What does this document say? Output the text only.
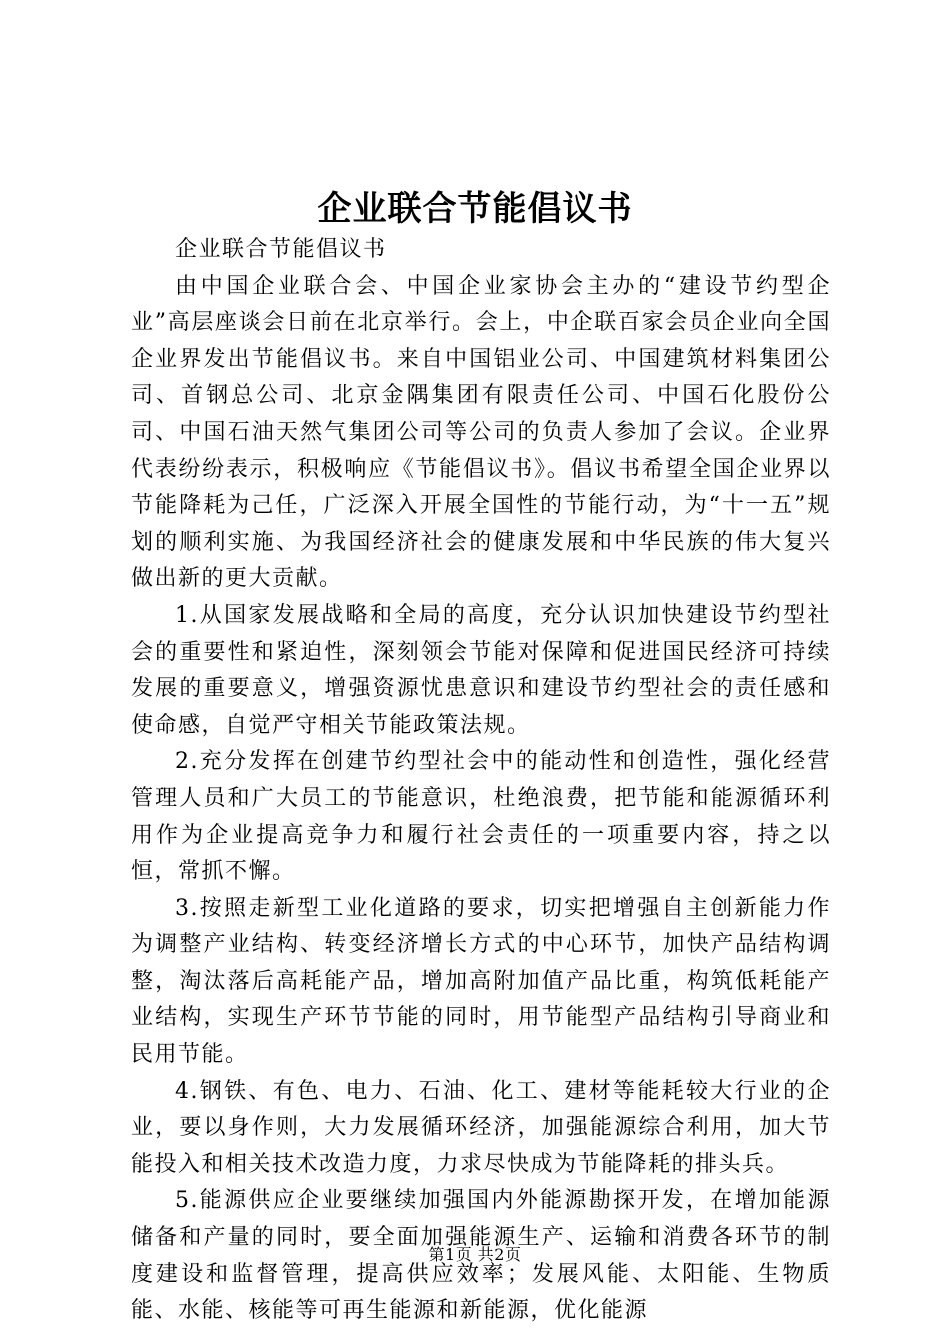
企业联合节能倡议书

企业联合节能倡议书

由中国企业联合会、中国企业家协会主办的“建设节约型企业”高层座谈会日前在北京举行。会上，中企联百家会员企业向全国企业界发出节能倡议书。来自中国铝业公司、中国建筑材料集团公司、首钢总公司、北京金隅集团有限责任公司、中国石化股份公司、中国石油天然气集团公司等公司的负责人参加了会议。企业界代表纷纷表示，积极响应《节能倡议书》。倡议书希望全国企业界以节能降耗为己任，广泛深入开展全国性的节能行动，为“十一五”规划的顺利实施、为我国经济社会的健康发展和中华民族的伟大复兴做出新的更大贡献。

1.从国家发展战略和全局的高度，充分认识加快建设节约型社会的重要性和紧迫性，深刻领会节能对保障和促进国民经济可持续发展的重要意义，增强资源忧患意识和建设节约型社会的责任感和使命感，自觉严守相关节能政策法规。

2.充分发挥在创建节约型社会中的能动性和创造性，强化经营管理人员和广大员工的节能意识，杜绝浪费，把节能和能源循环利用作为企业提高竞争力和履行社会责任的一项重要内容，持之以恒，常抓不懈。

3.按照走新型工业化道路的要求，切实把增强自主创新能力作为调整产业结构、转变经济增长方式的中心环节，加快产品结构调整，淘汰落后高耗能产品，增加高附加值产品比重，构筑低耗能产业结构，实现生产环节节能的同时，用节能型产品结构引导商业和民用节能。

4.钢铁、有色、电力、石油、化工、建材等能耗较大行业的企业，要以身作则，大力发展循环经济，加强能源综合利用，加大节能投入和相关技术改造力度，力求尽快成为节能降耗的排头兵。

5.能源供应企业要继续加强国内外能源勘探开发，在增加能源储备和产量的同时，要全面加强能源生产、运输和消费各环节的制度建设和监督管理，提高供应效率；发展风能、太阳能、生物质能、水能、核能等可再生能源和新能源，优化能源

第1页 共2页
